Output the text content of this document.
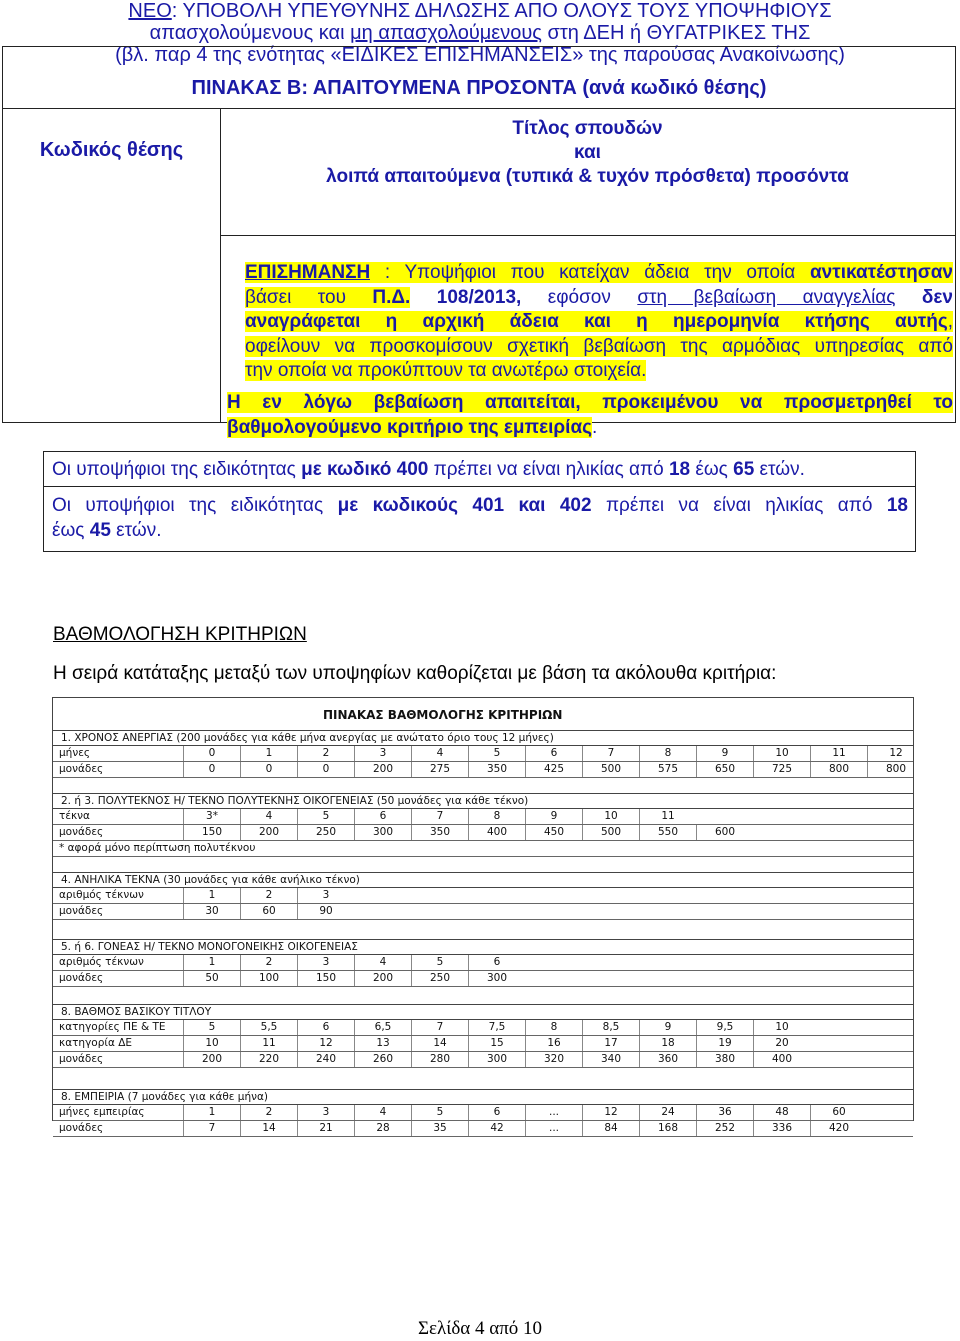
ΝΕΟ: ΥΠΟΒΟΛΗ ΥΠΕΥΘΥΝΗΣ ΔΗΛΩΣΗΣ ΑΠΟ ΟΛΟΥΣ ΤΟΥΣ ΥΠΟΨΗΦΙΟΥΣ
απασχολούμενους και μη απασχολούμενους στη ΔΕΗ ή ΘΥΓΑΤΡΙΚΕΣ ΤΗΣ
(βλ. παρ 4 της ενότητας «ΕΙΔΙΚΕΣ ΕΠΙΣΗΜΑΝΣΕΙΣ» της παρούσας Ανακοίνωσης)
ΠΙΝΑΚΑΣ Β: ΑΠΑΙΤΟΥΜΕΝΑ ΠΡΟΣΟΝΤΑ (ανά κωδικό θέσης)
Κωδικός θέσης
Τίτλος σπουδών
και
λοιπά απαιτούμενα (τυπικά & τυχόν πρόσθετα) προσόντα
ΕΠΙΣΗΜΑΝΣΗ : Υποψήφιοι που κατείχαν άδεια την οποία αντικατέστησαν
βάσει του Π.Δ. 108/2013, εφόσον στη βεβαίωση αναγγελίας δεν
αναγράφεται η αρχική άδεια και η ημερομηνία κτήσης αυτής,
οφείλουν να προσκομίσουν σχετική βεβαίωση της αρμόδιας υπηρεσίας από
την οποία να προκύπτουν τα ανωτέρω στοιχεία.
Η εν λόγω βεβαίωση απαιτείται, προκειμένου να προσμετρηθεί το
βαθμολογούμενο κριτήριο της εμπειρίας.
Οι υποψήφιοι της ειδικότητας με κωδικό 400 πρέπει να είναι ηλικίας από 18 έως 65 ετών.
Οι υποψήφιοι της ειδικότητας με κωδικούς 401 και 402 πρέπει να είναι ηλικίας από 18
έως 45 ετών.
ΒΑΘΜΟΛΟΓΗΣΗ ΚΡΙΤΗΡΙΩΝ
Η σειρά κατάταξης μεταξύ των υποψηφίων καθορίζεται με βάση τα ακόλουθα κριτήρια:
ΠΙΝΑΚΑΣ ΒΑΘΜΟΛΟΓΗΣ ΚΡΙΤΗΡΙΩΝ
1. ΧΡΟΝΟΣ ΑΝΕΡΓΙΑΣ (200 μονάδες για κάθε μήνα ανεργίας με ανώτατο όριο τους 12 μήνες)
μήνες	0	1	2	3	4	5	6	7	8	9	10	11	12
μονάδες	0	0	0	200	275	350	425	500	575	650	725	800	800
2. ή 3. ΠΟΛΥΤΕΚΝΟΣ Η/ ΤΕΚΝΟ ΠΟΛΥΤΕΚΝΗΣ ΟΙΚΟΓΕΝΕΙΑΣ (50 μονάδες για κάθε τέκνο)
τέκνα	3*	4	5	6	7	8	9	10	11
μονάδες	150	200	250	300	350	400	450	500	550	600
* αφορά μόνο περίπτωση πολυτέκνου
4. ΑΝΗΛΙΚΑ ΤΕΚΝΑ (30 μονάδες για κάθε ανήλικο τέκνο)
αριθμός τέκνων	1	2	3
μονάδες	30	60	90
5. ή 6. ΓΟΝΕΑΣ Η/ ΤΕΚΝΟ ΜΟΝΟΓΟΝΕΙΚΗΣ ΟΙΚΟΓΕΝΕΙΑΣ
αριθμός τέκνων	1	2	3	4	5	6
μονάδες	50	100	150	200	250	300
8. ΒΑΘΜΟΣ ΒΑΣΙΚΟΥ ΤΙΤΛΟΥ
κατηγορίες ΠΕ & ΤΕ	5	5,5	6	6,5	7	7,5	8	8,5	9	9,5	10
κατηγορία ΔΕ	10	11	12	13	14	15	16	17	18	19	20
μονάδες	200	220	240	260	280	300	320	340	360	380	400
8. ΕΜΠΕΙΡΙΑ (7 μονάδες για κάθε μήνα)
μήνες εμπειρίας	1	2	3	4	5	6	...	12	24	36	48	60
μονάδες	7	14	21	28	35	42	...	84	168	252	336	420
Σελίδα 4 από 10
